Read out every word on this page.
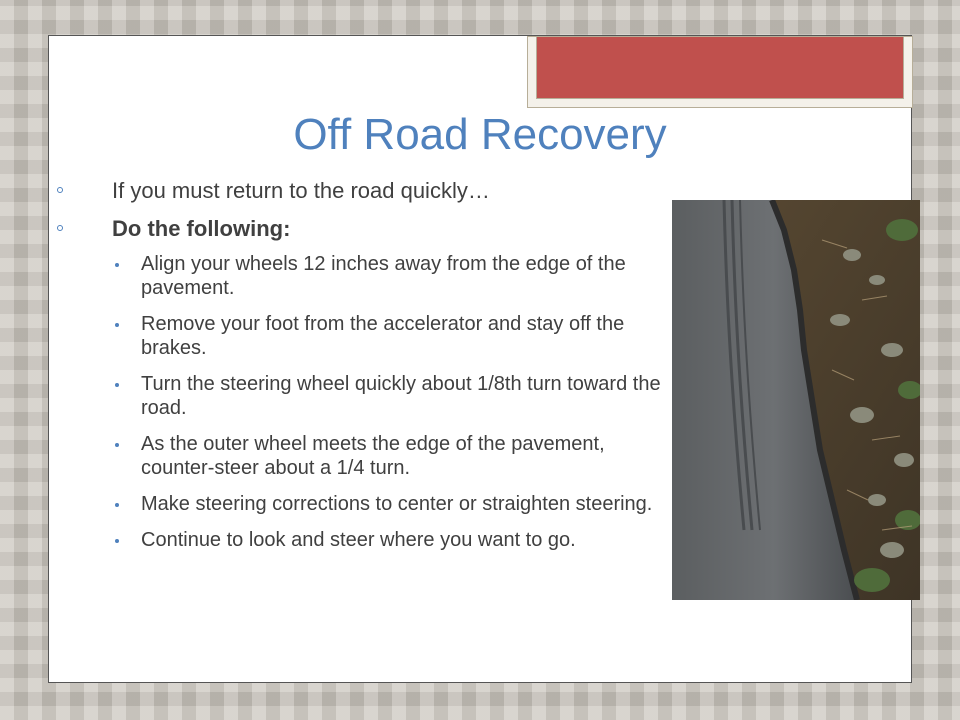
Off Road Recovery
If you must return to the road quickly…
Do the following:
Align your wheels 12 inches away from the edge of the pavement.
Remove your foot from the accelerator and stay off the brakes.
Turn the steering wheel quickly about 1/8th turn toward the road.
As the outer wheel meets the edge of the pavement, counter-steer about a 1/4 turn.
Make steering corrections to center or straighten steering.
Continue to look and steer where you want to go.
